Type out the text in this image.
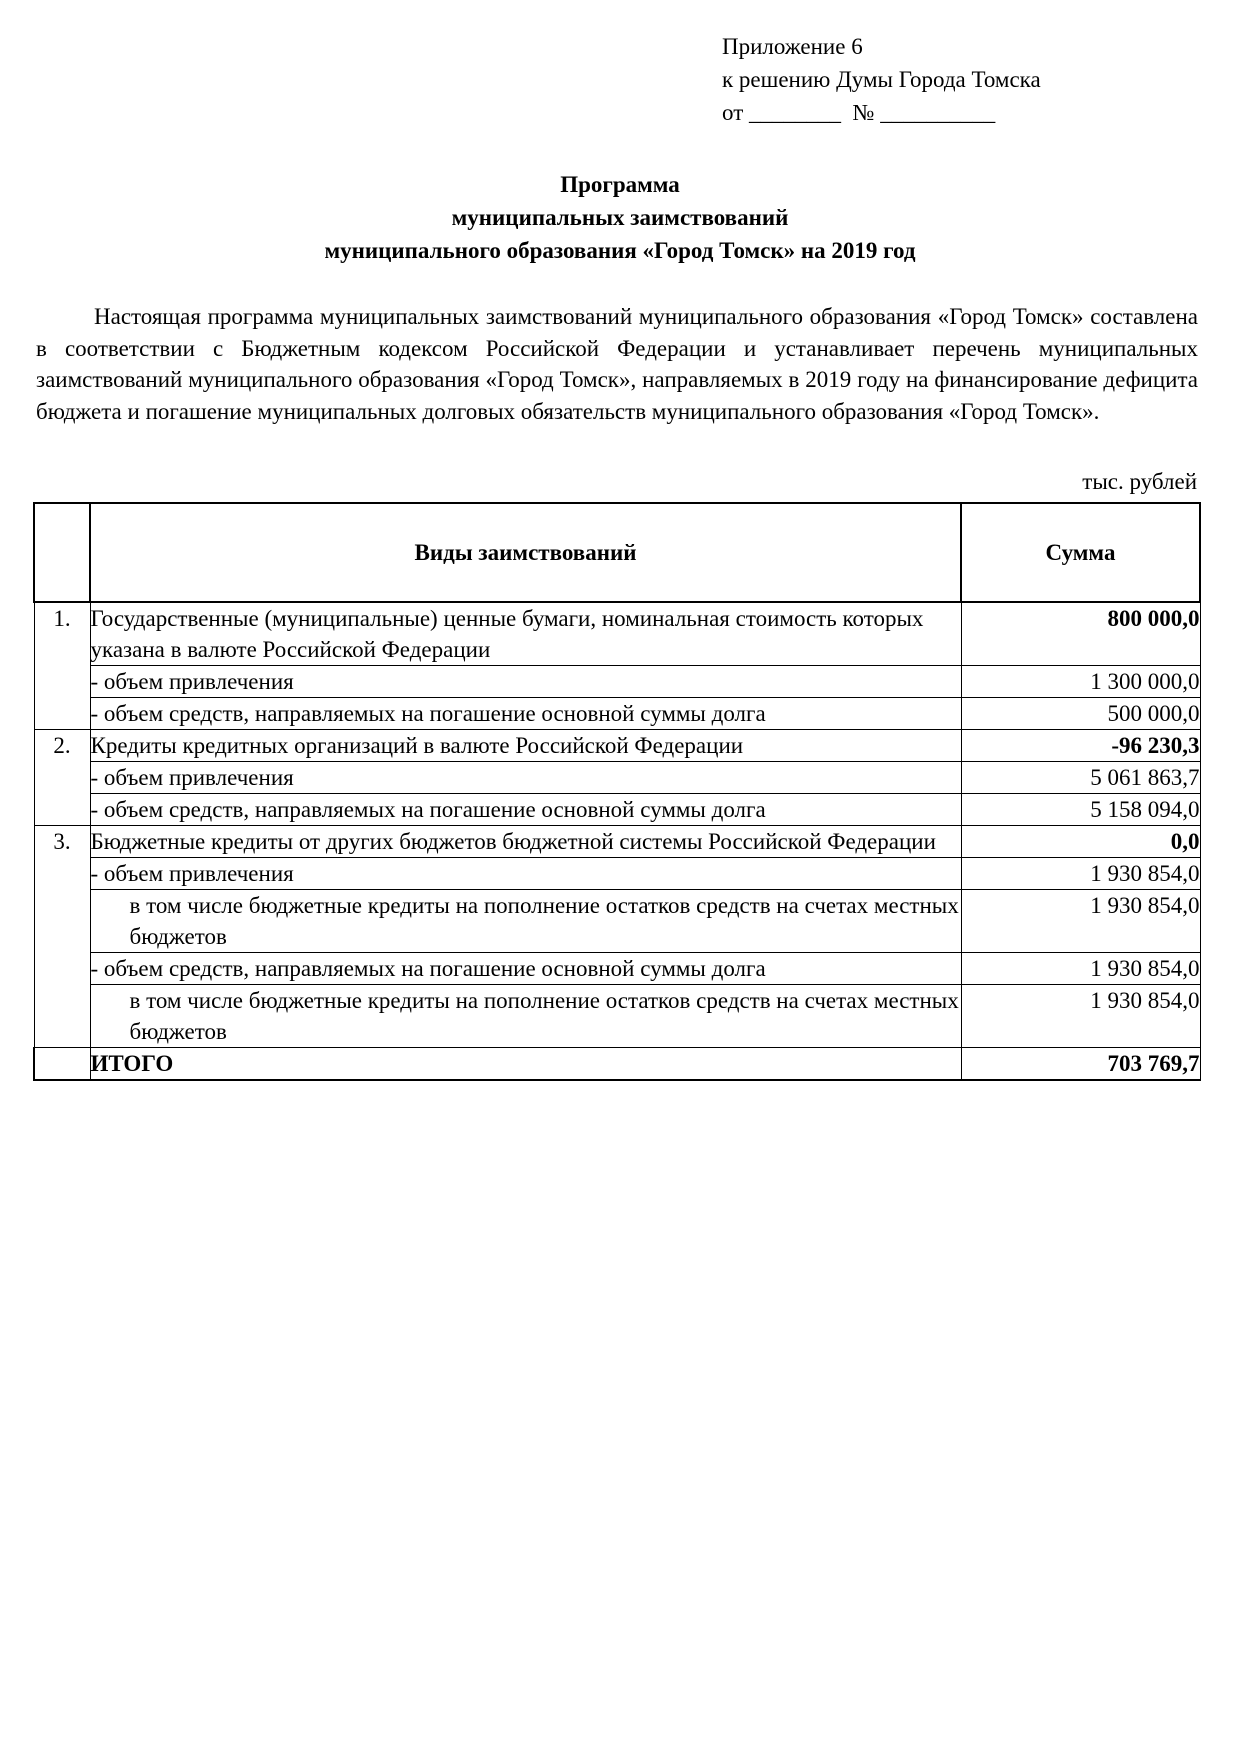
Приложение 6
к решению Думы Города Томска
от ________  № __________
Программа
муниципальных заимствований
муниципального образования «Город Томск» на 2019 год
Настоящая программа муниципальных заимствований муниципального образования «Город Томск» составлена в соответствии с Бюджетным кодексом Российской Федерации и устанавливает перечень муниципальных заимствований муниципального образования «Город Томск», направляемых в 2019 году на финансирование дефицита бюджета и погашение муниципальных долговых обязательств муниципального образования «Город Томск».
тыс. рублей
	Виды заимствований	Сумма
1.	Государственные (муниципальные) ценные бумаги, номинальная стоимость которых указана в валюте Российской Федерации	800 000,0
	- объем привлечения	1 300 000,0
	- объем средств, направляемых на погашение основной суммы долга	500 000,0
2.	Кредиты кредитных организаций в валюте Российской Федерации	-96 230,3
	- объем привлечения	5 061 863,7
	- объем средств, направляемых на погашение основной суммы долга	5 158 094,0
3.	Бюджетные кредиты от других бюджетов бюджетной системы Российской Федерации	0,0
	- объем привлечения	1 930 854,0
	в том числе бюджетные кредиты на пополнение остатков средств на счетах местных бюджетов	1 930 854,0
	- объем средств, направляемых на погашение основной суммы долга	1 930 854,0
	в том числе бюджетные кредиты на пополнение остатков средств на счетах местных бюджетов	1 930 854,0
	ИТОГО	703 769,7
